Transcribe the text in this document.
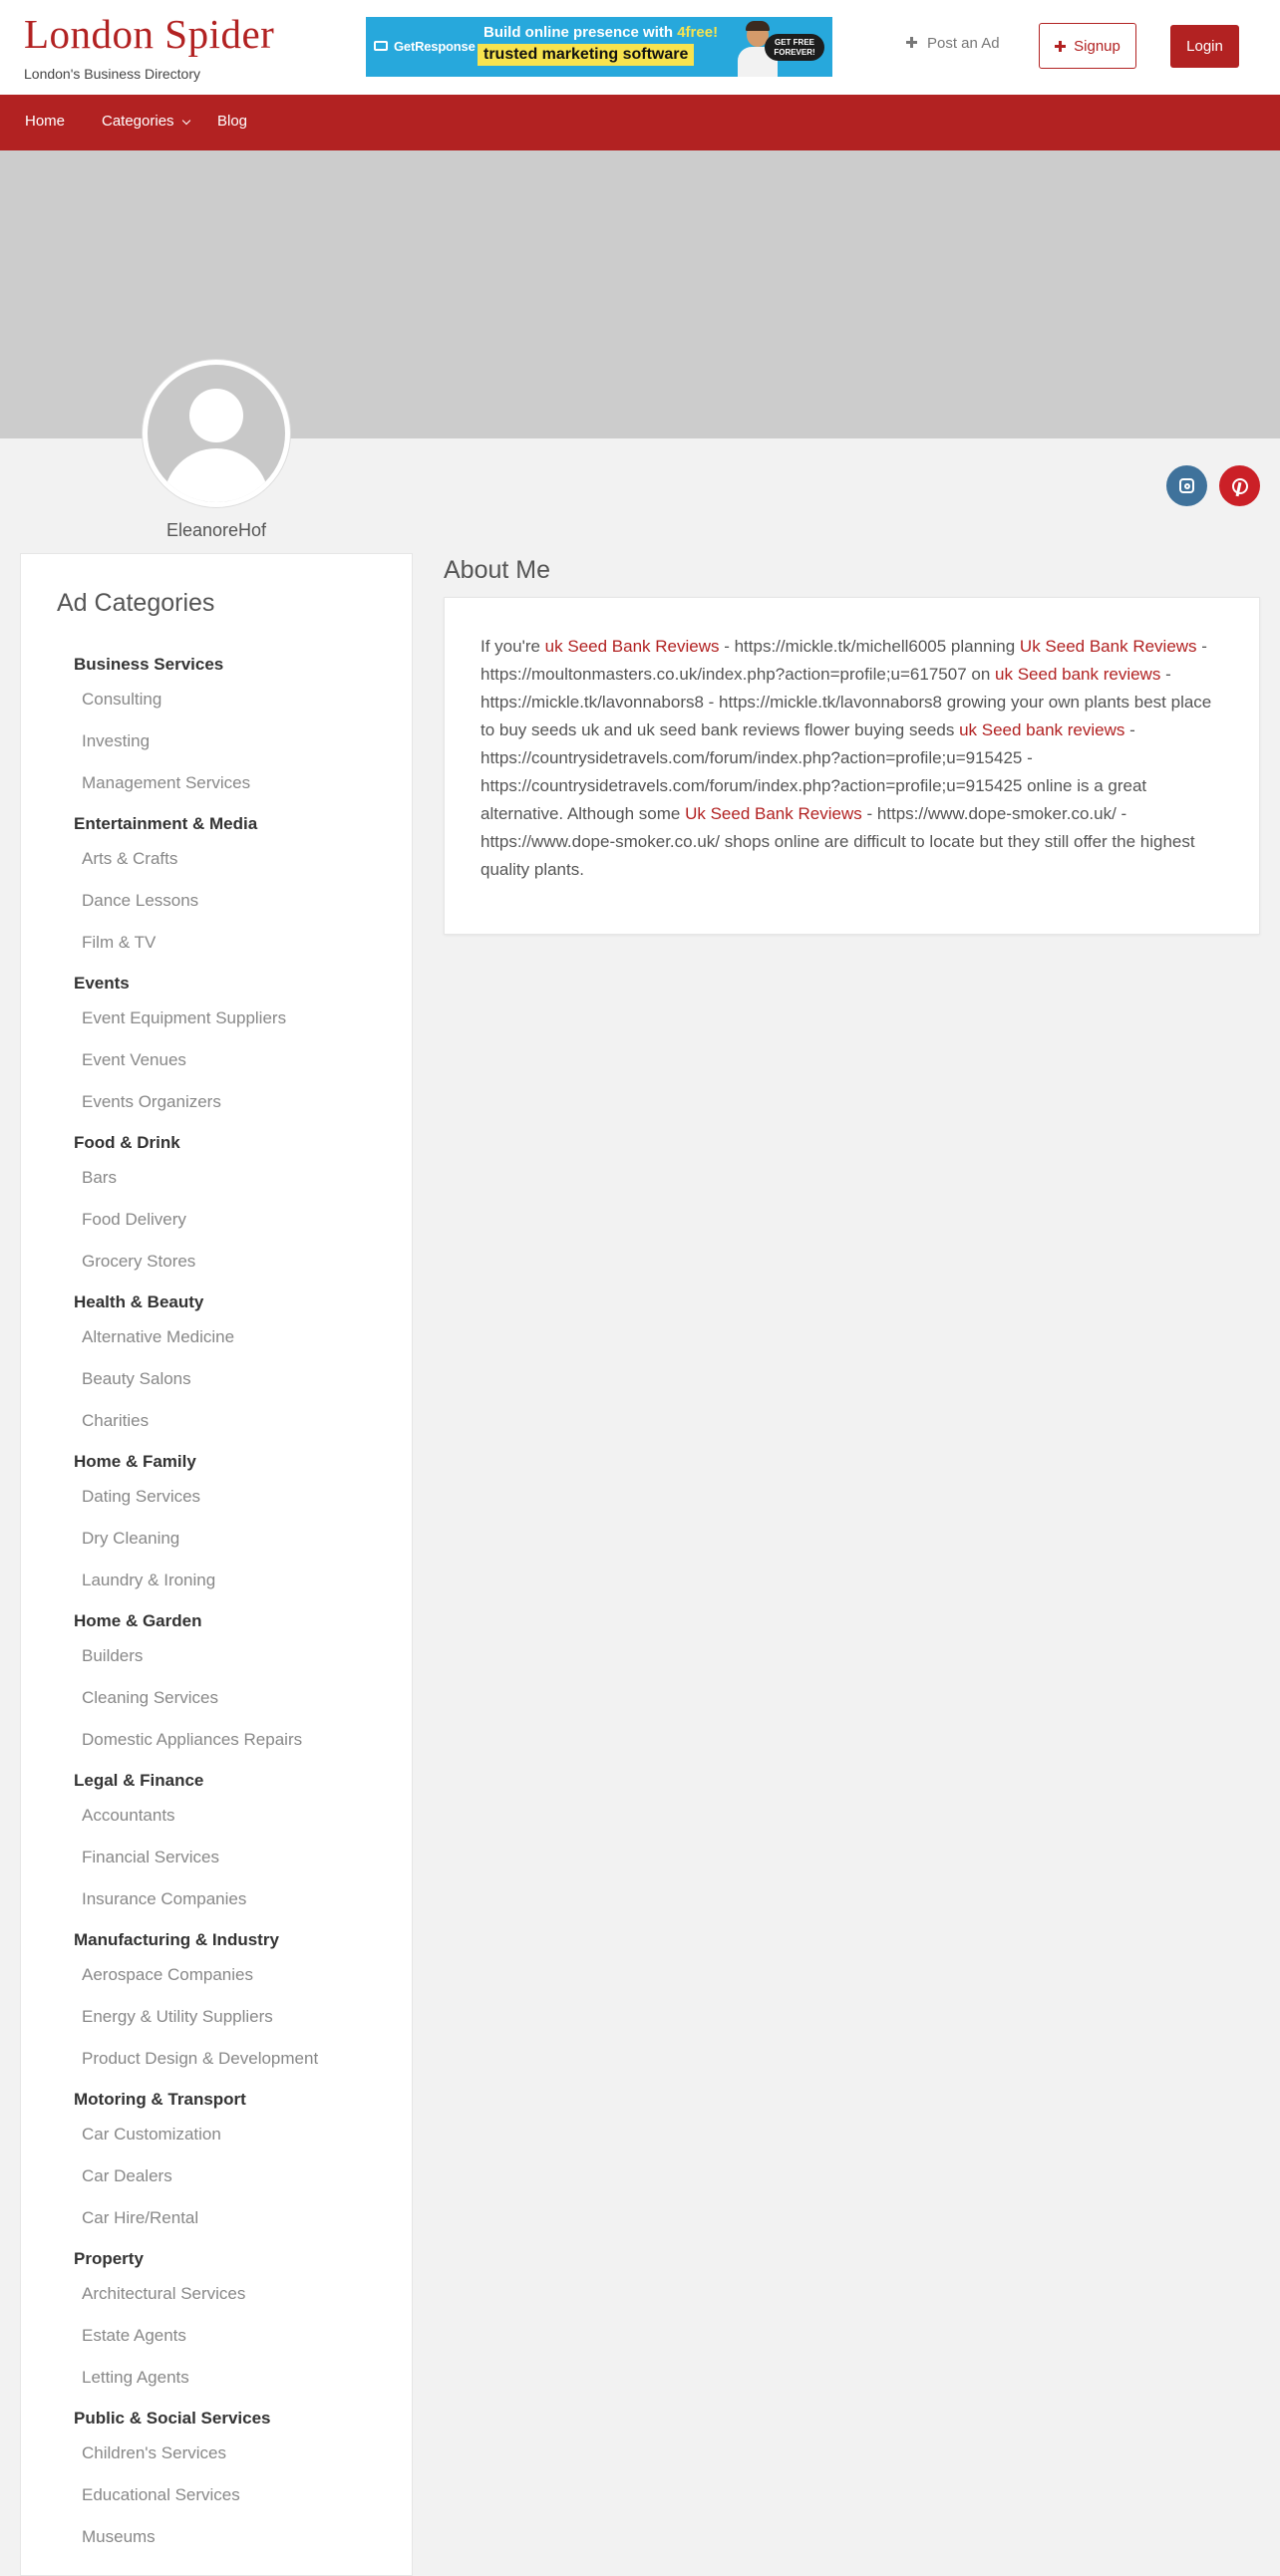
London Spider
London's Business Directory
GetResponse
Build online presence with 4free!
trusted marketing software
GET FREE
FOREVER!
Post an Ad	Signup	Login
Home Categories	Blog
EleanoreHof
Ad Categories
Business Services
Consulting
Investing
Management Services
Entertainment & Media
Arts & Crafts
Dance Lessons
Film & TV
Events
Event Equipment Suppliers
Event Venues
Events Organizers
Food & Drink
Bars
Food Delivery
Grocery Stores
Health & Beauty
Alternative Medicine
Beauty Salons
Charities
Home & Family
Dating Services
Dry Cleaning
Laundry & Ironing
Home & Garden
Builders
Cleaning Services
Domestic Appliances Repairs
Legal & Finance
Accountants
Financial Services
Insurance Companies
Manufacturing & Industry
Aerospace Companies
Energy & Utility Suppliers
Product Design & Development
Motoring & Transport
Car Customization
Car Dealers
Car Hire/Rental
Property
Architectural Services
Estate Agents
Letting Agents
Public & Social Services
Children's Services
Educational Services
Museums
About Me
If you're uk Seed Bank Reviews - https://mickle.tk/michell6005 planning Uk Seed Bank Reviews - https://moultonmasters.co.uk/index.php?action=profile;u=617507 on uk Seed bank reviews - https://mickle.tk/lavonnabors8 - https://mickle.tk/lavonnabors8 growing your own plants best place to buy seeds uk and uk seed bank reviews flower buying seeds uk Seed bank reviews - https://countrysidetravels.com/forum/index.php?action=profile;u=915425 - https://countrysidetravels.com/forum/index.php?action=profile;u=915425 online is a great alternative. Although some Uk Seed Bank Reviews - https://www.dope-smoker.co.uk/ - https://www.dope-smoker.co.uk/ shops online are difficult to locate but they still offer the highest quality plants.
